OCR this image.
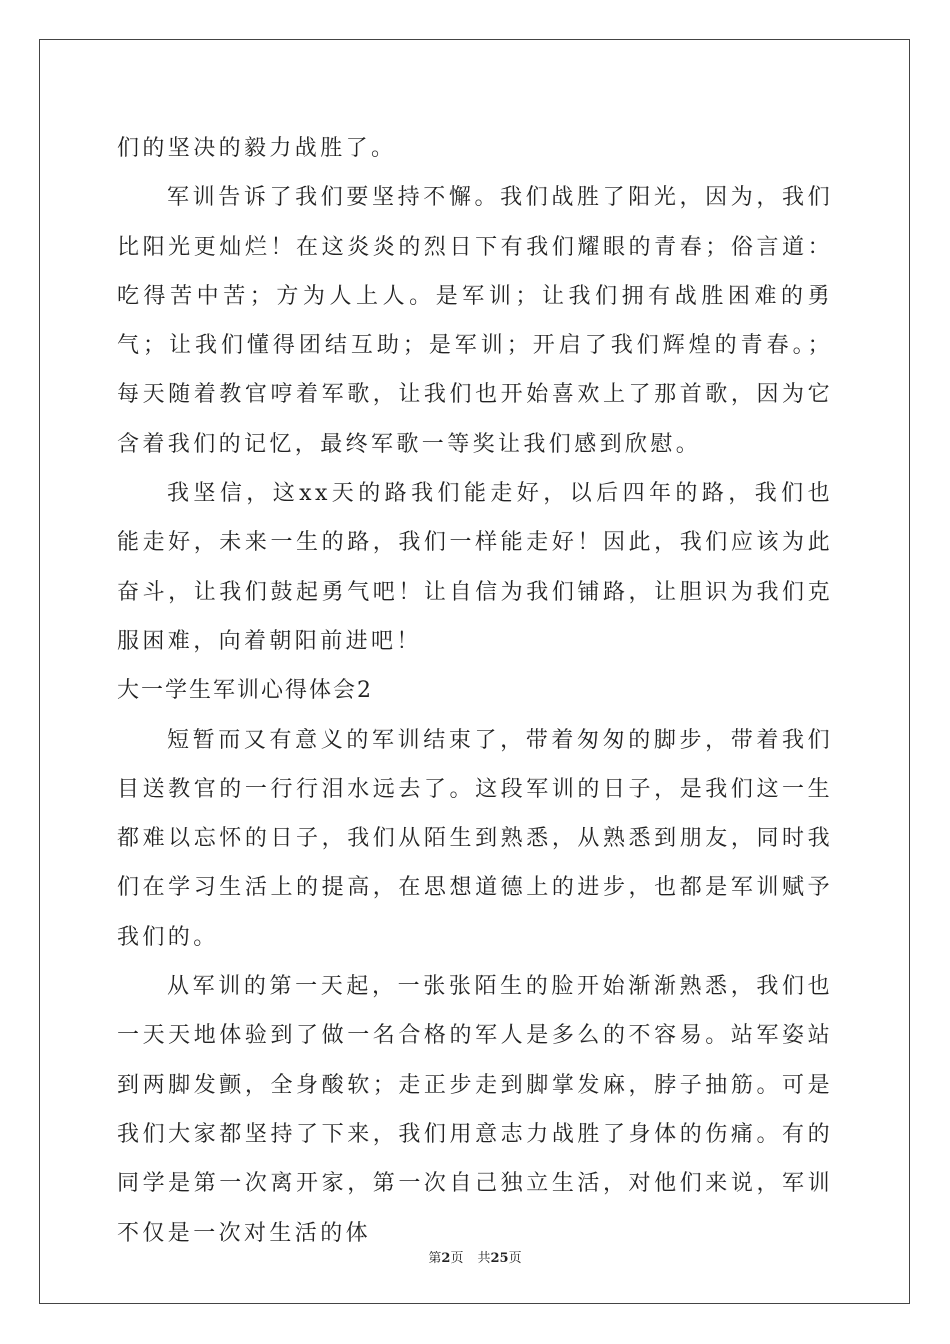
们的坚决的毅力战胜了。

军训告诉了我们要坚持不懈。我们战胜了阳光，因为，我们比阳光更灿烂！在这炎炎的烈日下有我们耀眼的青春；俗言道：吃得苦中苦；方为人上人。是军训；让我们拥有战胜困难的勇气；让我们懂得团结互助；是军训；开启了我们辉煌的青春。；每天随着教官哼着军歌，让我们也开始喜欢上了那首歌，因为它含着我们的记忆，最终军歌一等奖让我们感到欣慰。

我坚信，这xx天的路我们能走好，以后四年的路，我们也能走好，未来一生的路，我们一样能走好！因此，我们应该为此奋斗，让我们鼓起勇气吧！让自信为我们铺路，让胆识为我们克服困难，向着朝阳前进吧！

大一学生军训心得体会2

短暂而又有意义的军训结束了，带着匆匆的脚步，带着我们目送教官的一行行泪水远去了。这段军训的日子，是我们这一生都难以忘怀的日子，我们从陌生到熟悉，从熟悉到朋友，同时我们在学习生活上的提高，在思想道德上的进步，也都是军训赋予我们的。

从军训的第一天起，一张张陌生的脸开始渐渐熟悉，我们也一天天地体验到了做一名合格的军人是多么的不容易。站军姿站到两脚发颤，全身酸软；走正步走到脚掌发麻，脖子抽筋。可是我们大家都坚持了下来，我们用意志力战胜了身体的伤痛。有的同学是第一次离开家，第一次自己独立生活，对他们来说，军训不仅是一次对生活的体

第2页 共25页
